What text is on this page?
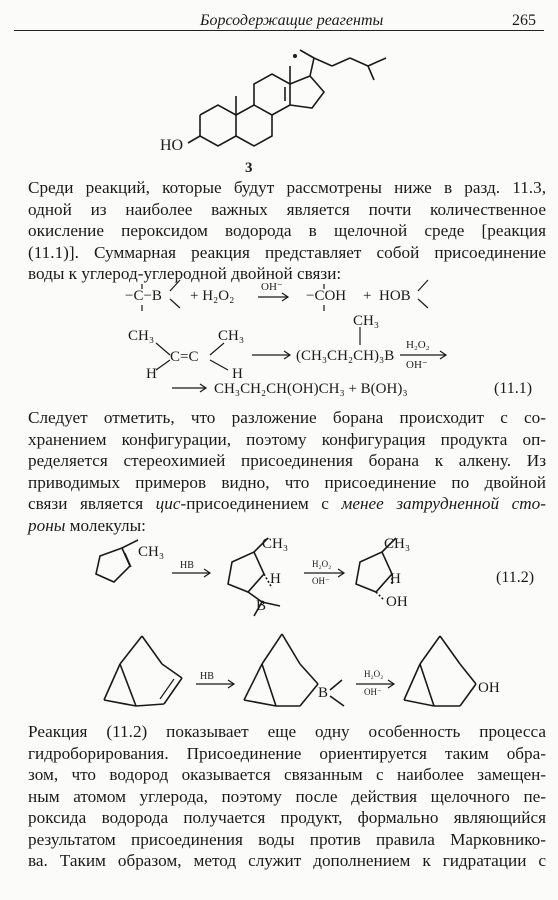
Борсодержащие реагенты	265
HO
3
−C−B + H₂O₂
OH⁻
−COH + HOB
CH₃	CH₃
C=C
H	H
CH₃
(CH₃CH₂CH)₃B
H₂O₂
OH⁻
CH₃CH₂CH(OH)CH₃ + B(OH)₃	(11.1)
CH₃
HB
CH₃
H
B
H₂O₂
OH⁻
CH₃
H
OH
(11.2)
HB
B
H₂O₂
OH⁻	OH
Среди реакций, которые будут рассмотрены ниже в разд. 11.3,
одной из наиболее важных является почти количественное
окисление пероксидом водорода в щелочной среде [реакция
(11.1)]. Суммарная реакция представляет собой присоединение
воды к углерод-углеродной двойной связи:
Следует отметить, что разложение борана происходит с со-
хранением конфигурации, поэтому конфигурация продукта оп-
ределяется стереохимией присоединения борана к алкену. Из
приводимых примеров видно, что присоединение по двойной
связи является цис-присоединением с менее затрудненной сто-
роны молекулы:
Реакция (11.2) показывает еще одну особенность процесса
гидроборирования. Присоединение ориентируется таким обра-
зом, что водород оказывается связанным с наиболее замещен-
ным атомом углерода, поэтому после действия щелочного пе-
роксида водорода получается продукт, формально являющийся
результатом присоединения воды против правила Марковнико-
ва. Таким образом, метод служит дополнением к гидратации с
